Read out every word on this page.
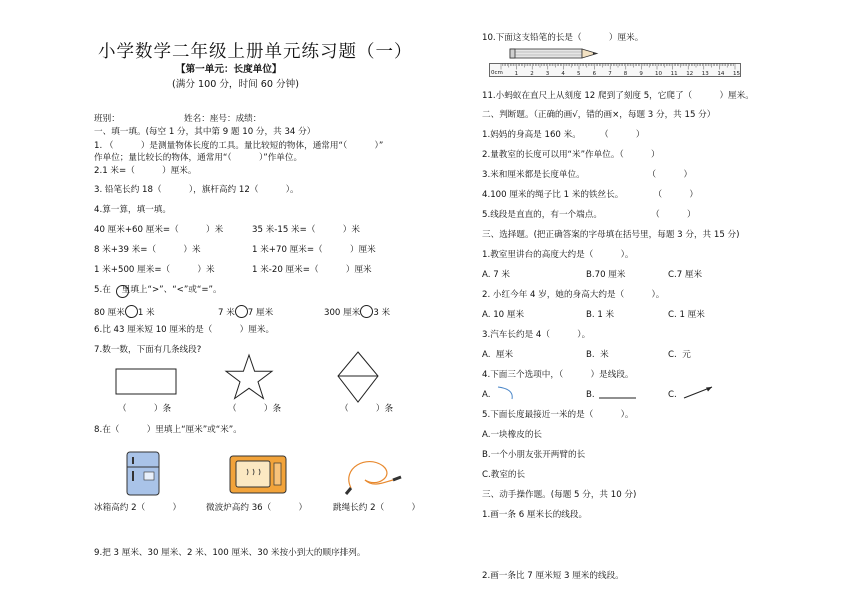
小学数学二年级上册单元练习题（一）
【第一单元：长度单位】
(满分 100 分，时间 60 分钟)
班别：	姓名：座号：成绩：
一、填一填。(每空 1 分，其中第 9 题 10 分，共 34 分）
1. （          ）是测量物体长度的工具。量比较短的物体，通常用“（          ）”
作单位；量比较长的物体，通常用“（          ）”作单位。
2.1 米=（          ）厘米。
3. 铅笔长约 18（          ），旗杆高约 12（          ）。
4.算一算，填一填。
40 厘米+60 厘米=（          ）米	35 米-15 米=（          ）米
8 米+39 米=（          ）米	1 米+70 厘米=（          ）厘米
1 米+500 厘米=（          ）米	1 米-20 厘米=（          ）厘米
5.在    里填上“>”、“<”或“=”。
80 厘米 1 米	7 米 7 厘米	300 厘米 3 米
6.比 43 厘米短 10 厘米的是（          ）厘米。
7.数一数，下面有几条线段?
（          ）条	（          ）条	（          ）条
8.在（          ）里填上“厘米”或“米”。
冰箱高约 2（          ）	微波炉高约 36（          ）	跳绳长约 2（          ）
9.把 3 厘米、30 厘米、2 米、100 厘米、30 米按小到大的顺序排列。
10.下面这支铅笔的长是（          ）厘米。
0cm 1 2 3 4 5 6 7 8 9 10 11 12 13 14 15
11.小蚂蚁在直尺上从刻度 12 爬到了刻度 5，它爬了（          ）厘米。
二、判断题。（正确的画√，错的画×，每题 3 分，共 15 分）
1.妈妈的身高是 160 米。       （          ）
2.量教室的长度可以用“米”作单位。（          ）
3.米和厘米都是长度单位。                       （          ）
4.100 厘米的绳子比 1 米的铁丝长。           （          ）
5.线段是直直的，有一个端点。                  （          ）
三、选择题。(把正确答案的字母填在括号里，每题 3 分，共 15 分)
1.教室里讲台的高度大约是（          ）。
A. 7 米	B.70 厘米	C.7 厘米
2. 小红今年 4 岁，她的身高大约是（          ）。
A. 10 厘米	B. 1 米	C. 1 厘米
3.汽车长约是 4（          ）。
A.  厘米	B.  米	C.  元
4.下面三个选项中，（          ）是线段。
A.	B.	C.
5.下面长度最接近一米的是（          ）。
A.一块橡皮的长
B.一个小朋友张开两臂的长
C.教室的长
三、动手操作题。(每题 5 分，共 10 分)
1.画一条 6 厘米长的线段。
2.画一条比 7 厘米短 3 厘米的线段。
